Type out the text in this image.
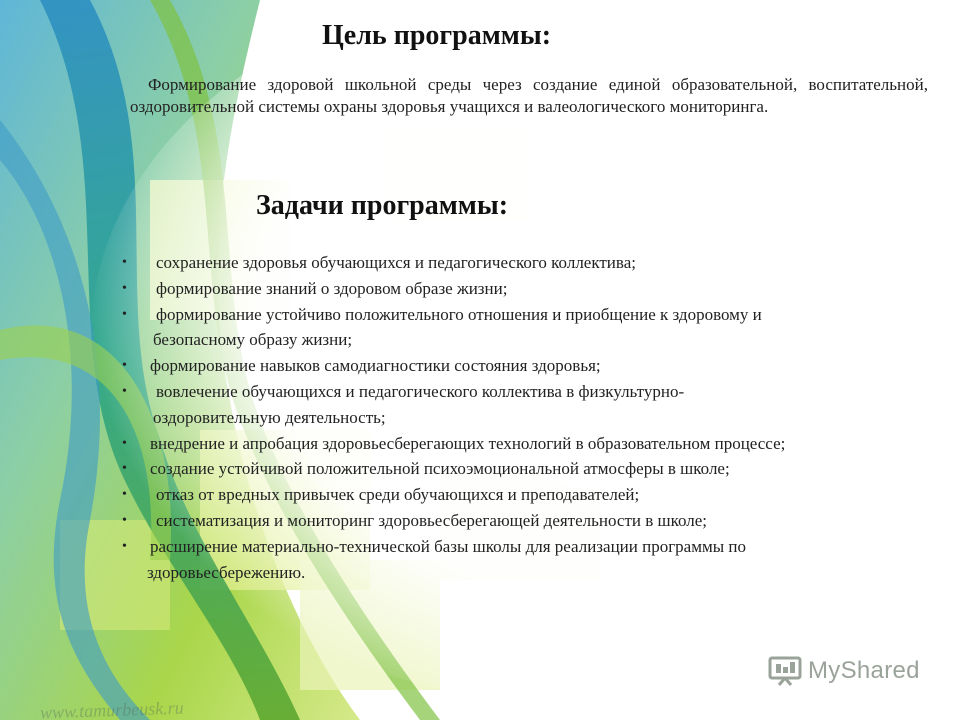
Цель программы:
Формирование здоровой школьной среды через создание единой образовательной, воспитательной, оздоровительной системы охраны здоровья учащихся и валеологического мониторинга.
Задачи программы:
• сохранение здоровья обучающихся и педагогического коллектива;
• формирование знаний о здоровом образе жизни;
• формирование устойчиво положительного отношения и приобщение к здоровому и
безопасному образу жизни;
• формирование навыков самодиагностики состояния здоровья;
• вовлечение обучающихся и педагогического коллектива в физкультурно-
оздоровительную деятельность;
• внедрение и апробация здоровьесберегающих технологий в образовательном процессе;
• создание устойчивой положительной психоэмоциональной атмосферы в школе;
• отказ от вредных привычек среди обучающихся и преподавателей;
• систематизация и мониторинг здоровьесберегающей деятельности в школе;
• расширение материально-технической базы школы для реализации программы по
здоровьесбережению.
MyShared
www.tamurbeusk.ru
